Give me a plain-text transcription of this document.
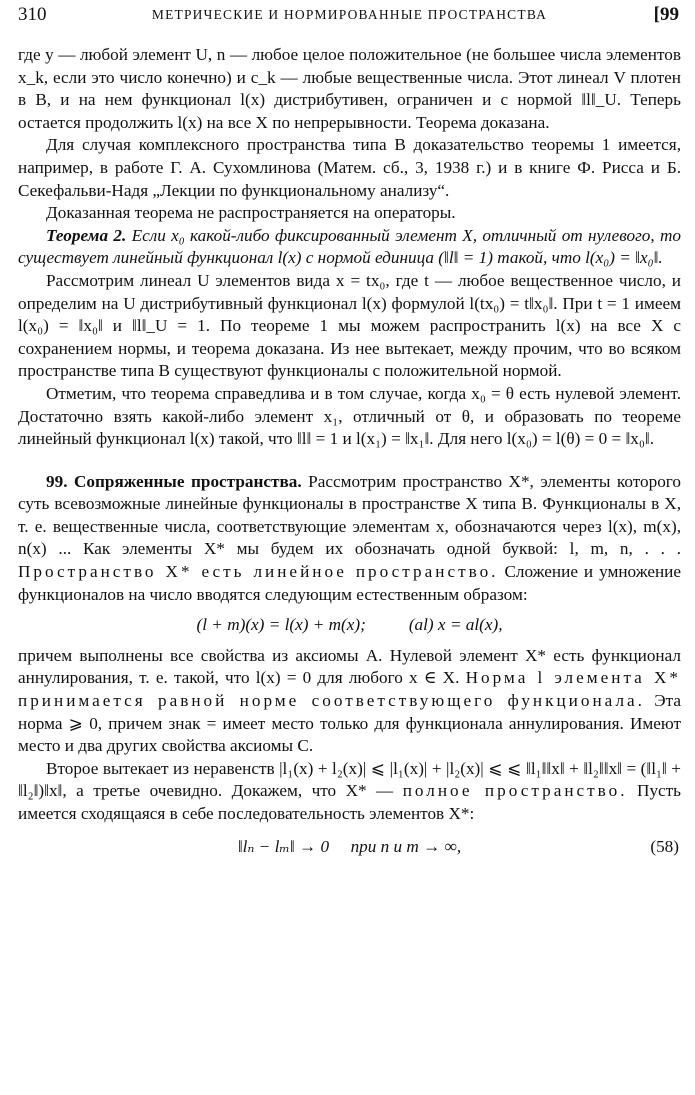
310	МЕТРИЧЕСКИЕ И НОРМИРОВАННЫЕ ПРОСТРАНСТВА	[99

где y — любой элемент U, n — любое целое положительное (не большее числа элементов x_k, если это число конечно) и c_k — любые вещественные числа. Этот линеал V плотен в B, и на нем функционал l(x) дистрибутивен, ограничен и с нормой ‖l‖_U. Теперь остается продолжить l(x) на все X по непрерывности. Теорема доказана.

Для случая комплексного пространства типа B доказательство теоремы 1 имеется, например, в работе Г. А. Сухомлинова (Матем. сб., 3, 1938 г.) и в книге Ф. Рисса и Б. Секефальви-Надя „Лекции по функциональному анализу“.

Доказанная теорема не распространяется на операторы.

Теорема 2. Если x₀ какой-либо фиксированный элемент X, отличный от нулевого, то существует линейный функционал l(x) с нормой единица (‖l‖ = 1) такой, что l(x₀) = ‖x₀‖.

Рассмотрим линеал U элементов вида x = tx₀, где t — любое вещественное число, и определим на U дистрибутивный функционал l(x) формулой l(tx₀) = t‖x₀‖. При t = 1 имеем l(x₀) = ‖x₀‖ и ‖l‖_U = 1. По теореме 1 мы можем распространить l(x) на все X с сохранением нормы, и теорема доказана. Из нее вытекает, между прочим, что во всяком пространстве типа B существуют функционалы с положительной нормой.

Отметим, что теорема справедлива и в том случае, когда x₀ = θ есть нулевой элемент. Достаточно взять какой-либо элемент x₁, отличный от θ, и образовать по теореме линейный функционал l(x) такой, что ‖l‖ = 1 и l(x₁) = ‖x₁‖. Для него l(x₀) = l(θ) = 0 = ‖x₀‖.

99. Сопряженные пространства. Рассмотрим пространство X*, элементы которого суть всевозможные линейные функционалы в пространстве X типа B. Функционалы в X, т. е. вещественные числа, соответствующие элементам x, обозначаются через l(x), m(x), n(x) ... Как элементы X* мы будем их обозначать одной буквой: l, m, n, . . . Пространство X* есть линейное пространство. Сложение и умножение функционалов на число вводятся следующим естественным образом:

(l + m)(x) = l(x) + m(x);          (al) x = al(x),

причем выполнены все свойства из аксиомы A. Нулевой элемент X* есть функционал аннулирования, т. е. такой, что l(x) = 0 для любого x ∈ X. Норма l элемента X* принимается равной норме соответствующего функционала. Эта норма ⩾ 0, причем знак = имеет место только для функционала аннулирования. Имеют место и два других свойства аксиомы C.

Второе вытекает из неравенств |l₁(x) + l₂(x)| ⩽ |l₁(x)| + |l₂(x)| ⩽ ⩽ ‖l₁‖‖x‖ + ‖l₂‖‖x‖ = (‖l₁‖ + ‖l₂‖)‖x‖, а третье очевидно. Докажем, что X* — полное пространство. Пусть имеется сходящаяся в себе последовательность элементов X*:

‖lₙ − lₘ‖ → 0     при n и m → ∞,	(58)
